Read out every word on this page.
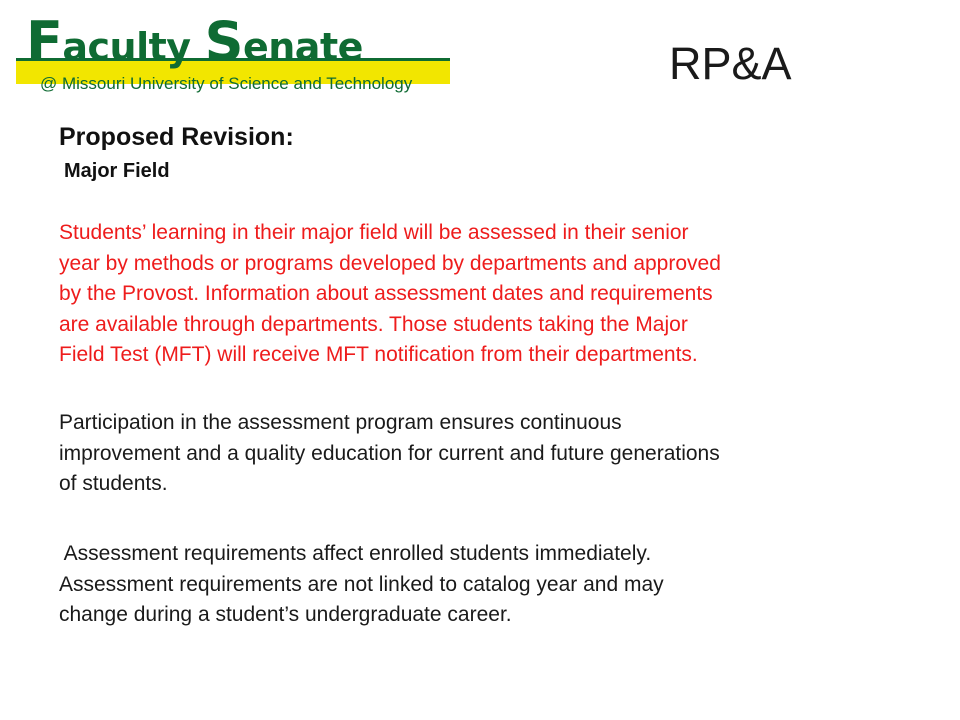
Faculty Senate
@ Missouri University of Science and Technology	RP&A
Proposed Revision:
Major Field

Students’ learning in their major field will be assessed in their senior
year by methods or programs developed by departments and approved
by the Provost. Information about assessment dates and requirements
are available through departments. Those students taking the Major
Field Test (MFT) will receive MFT notification from their departments.

Participation in the assessment program ensures continuous
improvement and a quality education for current and future generations
of students.

Assessment requirements affect enrolled students immediately.
Assessment requirements are not linked to catalog year and may
change during a student’s undergraduate career.
